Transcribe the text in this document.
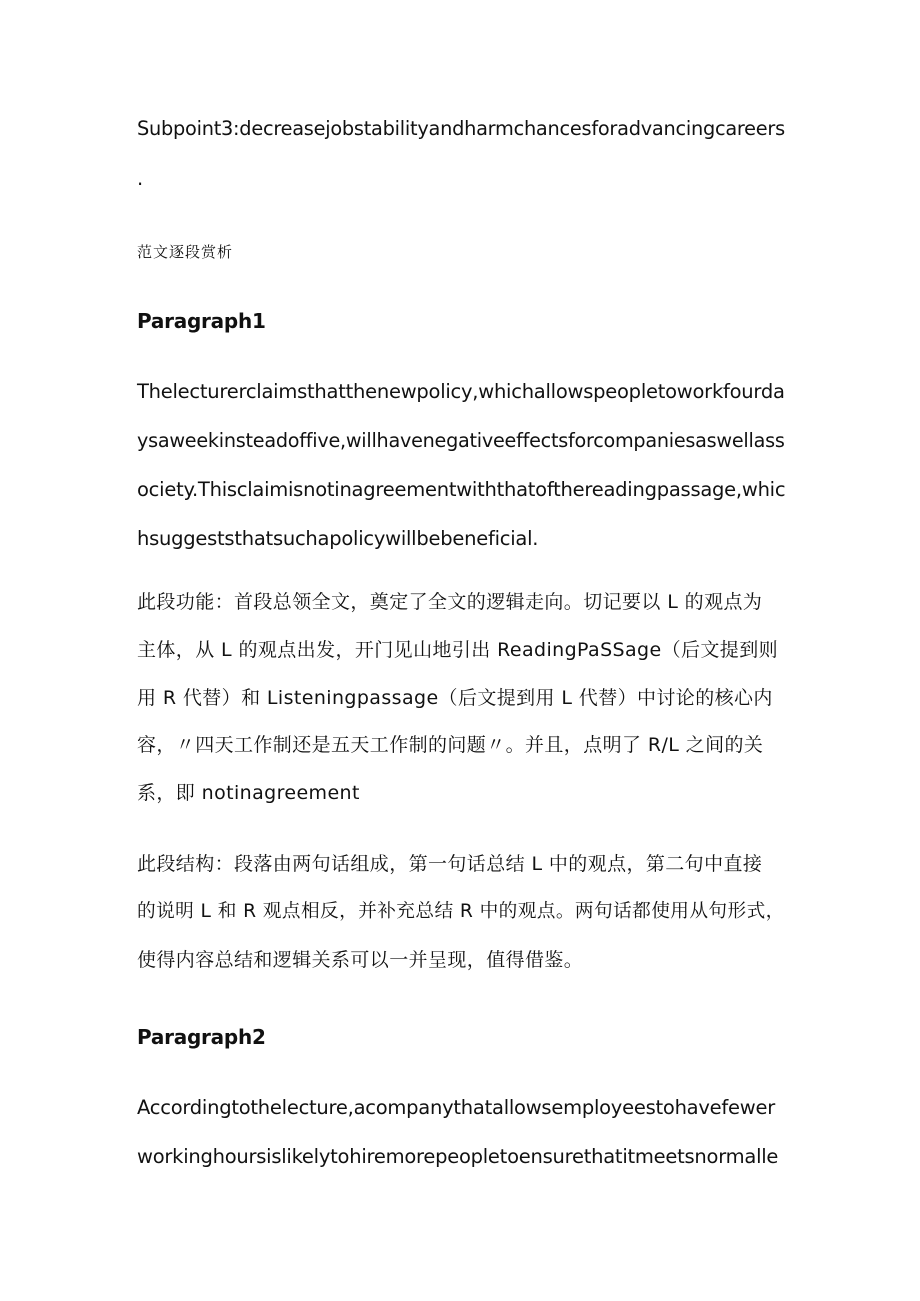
Subpoint3:decreasejobstabilityandharmchancesforadvancingcareers
.
范文逐段赏析
Paragraph1
Thelecturerclaimsthatthenewpolicy,whichallowspeopletoworkfourda
ysaweekinsteadoffive,willhavenegativeeffectsforcompaniesaswellass
ociety.Thisclaimisnotinagreementwiththatofthereadingpassage,whic
hsuggeststhatsuchapolicywillbebeneficial.
此段功能：首段总领全文，奠定了全文的逻辑走向。切记要以 L 的观点为
主体，从 L 的观点出发，开门见山地引出 ReadingPaSSage（后文提到则
用 R 代替）和 Listeningpassage（后文提到用 L 代替）中讨论的核心内
容，〃四天工作制还是五天工作制的问题〃。并且，点明了 R/L 之间的关
系，即 notinagreement
此段结构：段落由两句话组成，第一句话总结 L 中的观点，第二句中直接
的说明 L 和 R 观点相反，并补充总结 R 中的观点。两句话都使用从句形式，
使得内容总结和逻辑关系可以一并呈现，值得借鉴。
Paragraph2
Accordingtothelecture,acompanythatallowsemployeestohavefewer
workinghoursislikelytohiremorepeopletoensurethatitmeetsnormalle
